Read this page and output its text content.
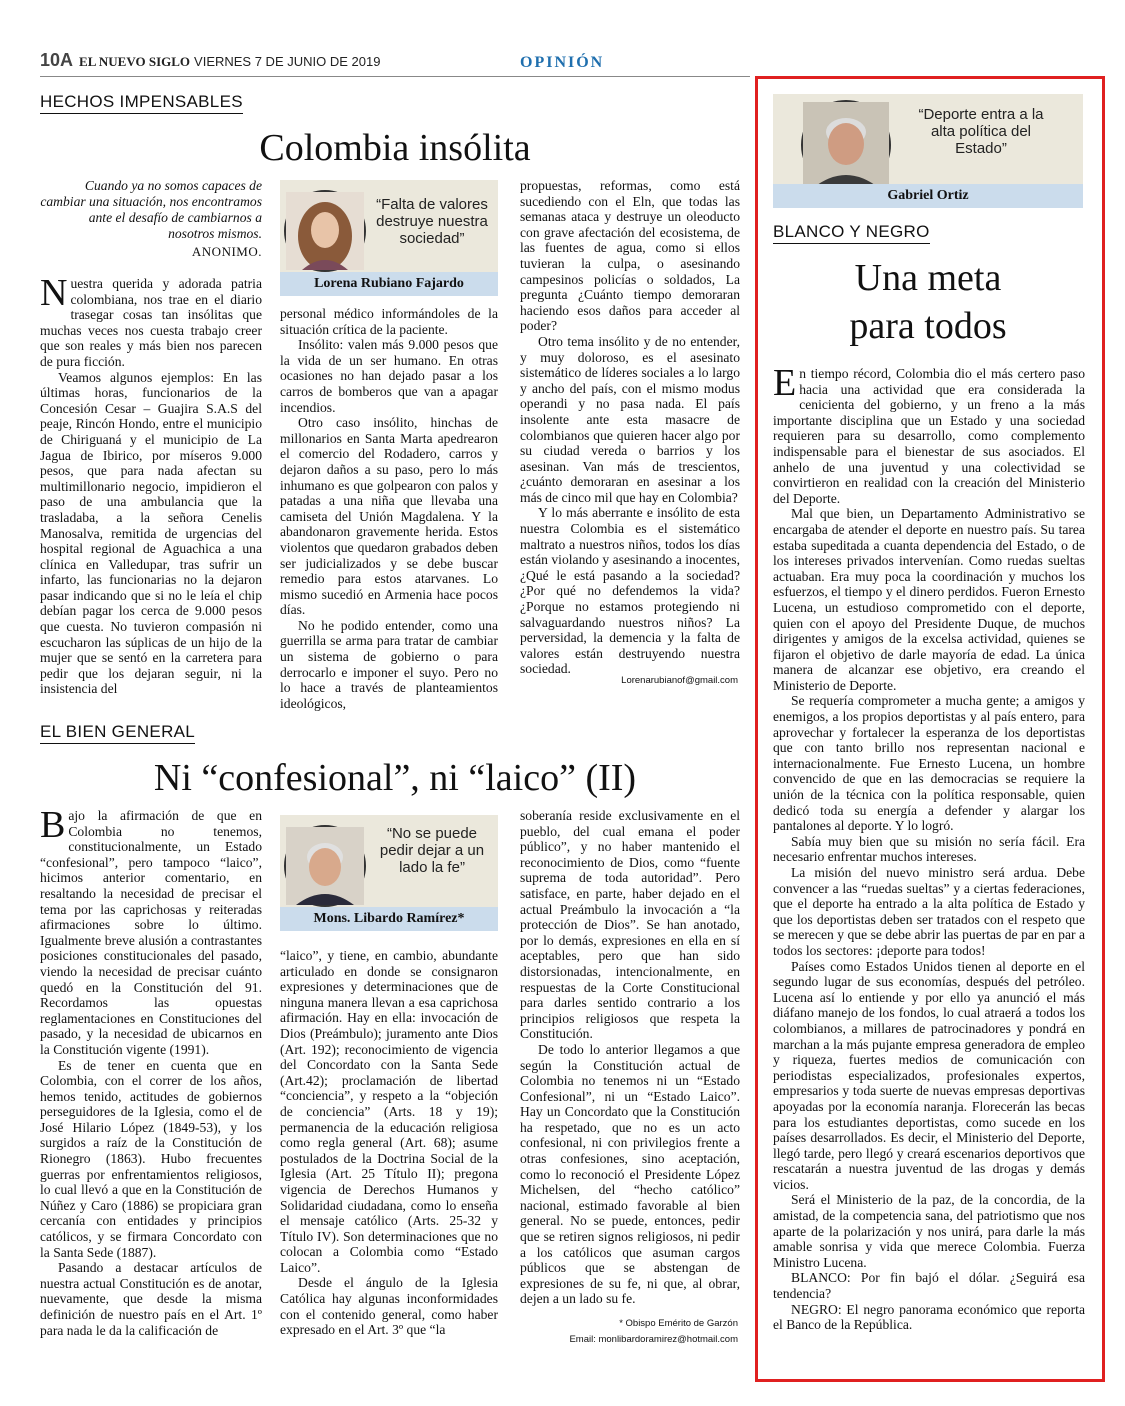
10A EL NUEVO SIGLO VIERNES 7 DE JUNIO DE 2019	OPINIÓN
HECHOS IMPENSABLES
Colombia insólita
Cuando ya no somos capaces de cambiar una situación, nos encontramos ante el desafío de cambiarnos a nosotros mismos.
ANONIMO.

Nuestra querida y adorada patria colombiana, nos trae en el diario trasegar cosas tan insólitas que muchas veces nos cuesta trabajo creer que son reales y más bien nos parecen de pura ficción.

Veamos algunos ejemplos: En las últimas horas, funcionarios de la Concesión Cesar – Guajira S.A.S del peaje, Rincón Hondo, entre el municipio de Chiriguaná y el municipio de La Jagua de Ibirico, por míseros 9.000 pesos, que para nada afectan su multimillonario negocio, impidieron el paso de una ambulancia que la trasladaba, a la señora Cenelis Manosalva, remitida de urgencias del hospital regional de Aguachica a una clínica en Valledupar, tras sufrir un infarto, las funcionarias no la dejaron pasar indicando que si no le leía el chip debían pagar los cerca de 9.000 pesos que cuesta. No tuvieron compasión ni escucharon las súplicas de un hijo de la mujer que se sentó en la carretera para pedir que los dejaran seguir, ni la insistencia del

“Falta de valores destruye nuestra sociedad”
Lorena Rubiano Fajardo

personal médico informándoles de la situación crítica de la paciente.

Insólito: valen más 9.000 pesos que la vida de un ser humano. En otras ocasiones no han dejado pasar a los carros de bomberos que van a apagar incendios.

Otro caso insólito, hinchas de millonarios en Santa Marta apedrearon el comercio del Rodadero, carros y dejaron daños a su paso, pero lo más inhumano es que golpearon con palos y patadas a una niña que llevaba una camiseta del Unión Magdalena. Y la abandonaron gravemente herida. Estos violentos que quedaron grabados deben ser judicializados y se debe buscar remedio para estos atarvanes. Lo mismo sucedió en Armenia hace pocos días.

No he podido entender, como una guerrilla se arma para tratar de cambiar un sistema de gobierno o para derrocarlo e imponer el suyo. Pero no lo hace a través de planteamientos ideológicos,

propuestas, reformas, como está sucediendo con el Eln, que todas las semanas ataca y destruye un oleoducto con grave afectación del ecosistema, de las fuentes de agua, como si ellos tuvieran la culpa, o asesinando campesinos policías o soldados, La pregunta ¿Cuánto tiempo demoraran haciendo esos daños para acceder al poder?

Otro tema insólito y de no entender, y muy doloroso, es el asesinato sistemático de líderes sociales a lo largo y ancho del país, con el mismo modus operandi y no pasa nada. El país insolente ante esta masacre de colombianos que quieren hacer algo por su ciudad vereda o barrios y los asesinan. Van más de trescientos, ¿cuánto demoraran en asesinar a los más de cinco mil que hay en Colombia?

Y lo más aberrante e insólito de esta nuestra Colombia es el sistemático maltrato a nuestros niños, todos los días están violando y asesinando a inocentes, ¿Qué le está pasando a la sociedad? ¿Por qué no defendemos la vida? ¿Porque no estamos protegiendo ni salvaguardando nuestros niños? La perversidad, la demencia y la falta de valores están destruyendo nuestra sociedad.

Lorenarubianof@gmail.com
EL BIEN GENERAL
Ni “confesional”, ni “laico” (II)

Bajo la afirmación de que en Colombia no tenemos, constitucionalmente, un Estado “confesional”, pero tampoco “laico”, hicimos anterior comentario, en resaltando la necesidad de precisar el tema por las caprichosas y reiteradas afirmaciones sobre lo último. Igualmente breve alusión a contrastantes posiciones constitucionales del pasado, viendo la necesidad de precisar cuánto quedó en la Constitución del 91. Recordamos las opuestas reglamentaciones en Constituciones del pasado, y la necesidad de ubicarnos en la Constitución vigente (1991).

Es de tener en cuenta que en Colombia, con el correr de los años, hemos tenido, actitudes de gobiernos perseguidores de la Iglesia, como el de José Hilario López (1849-53), y los surgidos a raíz de la Constitución de Rionegro (1863). Hubo frecuentes guerras por enfrentamientos religiosos, lo cual llevó a que en la Constitución de Núñez y Caro (1886) se propiciara gran cercanía con entidades y principios católicos, y se firmara Concordato con la Santa Sede (1887).

Pasando a destacar artículos de nuestra actual Constitución es de anotar, nuevamente, que desde la misma definición de nuestro país en el Art. 1º para nada le da la calificación de

“No se puede pedir dejar a un lado la fe”
Mons. Libardo Ramírez*

“laico”, y tiene, en cambio, abundante articulado en donde se consignaron expresiones y determinaciones que de ninguna manera llevan a esa caprichosa afirmación. Hay en ella: invocación de Dios (Preámbulo); juramento ante Dios (Art. 192); reconocimiento de vigencia del Concordato con la Santa Sede (Art.42); proclamación de libertad “conciencia”, y respeto a la “objeción de conciencia” (Arts. 18 y 19); permanencia de la educación religiosa como regla general (Art. 68); asume postulados de la Doctrina Social de la Iglesia (Art. 25 Título II); pregona vigencia de Derechos Humanos y Solidaridad ciudadana, como lo enseña el mensaje católico (Arts. 25-32 y Título IV). Son determinaciones que no colocan a Colombia como “Estado Laico”.

Desde el ángulo de la Iglesia Católica hay algunas inconformidades con el contenido general, como haber expresado en el Art. 3º que “la

soberanía reside exclusivamente en el pueblo, del cual emana el poder público”, y no haber mantenido el reconocimiento de Dios, como “fuente suprema de toda autoridad”. Pero satisface, en parte, haber dejado en el actual Preámbulo la invocación a “la protección de Dios”. Se han anotado, por lo demás, expresiones en ella en sí aceptables, pero que han sido distorsionadas, intencionalmente, en respuestas de la Corte Constitucional para darles sentido contrario a los principios religiosos que respeta la Constitución.

De todo lo anterior llegamos a que según la Constitución actual de Colombia no tenemos ni un “Estado Confesional”, ni un “Estado Laico”. Hay un Concordato que la Constitución ha respetado, que no es un acto confesional, ni con privilegios frente a otras confesiones, sino aceptación, como lo reconoció el Presidente López Michelsen, del “hecho católico” nacional, estimado favorable al bien general. No se puede, entonces, pedir que se retiren signos religiosos, ni pedir a los católicos que asuman cargos públicos que se abstengan de expresiones de su fe, ni que, al obrar, dejen a un lado su fe.

* Obispo Emérito de Garzón
Email: monlibardoramirez@hotmail.com
“Deporte entra a la alta política del Estado”
Gabriel Ortiz
BLANCO Y NEGRO
Una meta
para todos

En tiempo récord, Colombia dio el más certero paso hacia una actividad que era considerada la cenicienta del gobierno, y un freno a la más importante disciplina que un Estado y una sociedad requieren para su desarrollo, como complemento indispensable para el bienestar de sus asociados. El anhelo de una juventud y una colectividad se convirtieron en realidad con la creación del Ministerio del Deporte.

Mal que bien, un Departamento Administrativo se encargaba de atender el deporte en nuestro país. Su tarea estaba supeditada a cuanta dependencia del Estado, o de los intereses privados intervenían. Como ruedas sueltas actuaban. Era muy poca la coordinación y muchos los esfuerzos, el tiempo y el dinero perdidos. Fueron Ernesto Lucena, un estudioso comprometido con el deporte, quien con el apoyo del Presidente Duque, de muchos dirigentes y amigos de la excelsa actividad, quienes se fijaron el objetivo de darle mayoría de edad. La única manera de alcanzar ese objetivo, era creando el Ministerio de Deporte.

Se requería comprometer a mucha gente; a amigos y enemigos, a los propios deportistas y al país entero, para aprovechar y fortalecer la esperanza de los deportistas que con tanto brillo nos representan nacional e internacionalmente. Fue Ernesto Lucena, un hombre convencido de que en las democracias se requiere la unión de la técnica con la política responsable, quien dedicó toda su energía a defender y alargar los pantalones al deporte. Y lo logró.

Sabía muy bien que su misión no sería fácil. Era necesario enfrentar muchos intereses.

La misión del nuevo ministro será ardua. Debe convencer a las “ruedas sueltas” y a ciertas federaciones, que el deporte ha entrado a la alta política de Estado y que los deportistas deben ser tratados con el respeto que se merecen y que se debe abrir las puertas de par en par a todos los sectores: ¡deporte para todos!

Países como Estados Unidos tienen al deporte en el segundo lugar de sus economías, después del petróleo. Lucena así lo entiende y por ello ya anunció el más diáfano manejo de los fondos, lo cual atraerá a todos los colombianos, a millares de patrocinadores y pondrá en marchan a la más pujante empresa generadora de empleo y riqueza, fuertes medios de comunicación con periodistas especializados, profesionales expertos, empresarios y toda suerte de nuevas empresas deportivas apoyadas por la economía naranja. Florecerán las becas para los estudiantes deportistas, como sucede en los países desarrollados. Es decir, el Ministerio del Deporte, llegó tarde, pero llegó y creará escenarios deportivos que rescatarán a nuestra juventud de las drogas y demás vicios.

Será el Ministerio de la paz, de la concordia, de la amistad, de la competencia sana, del patriotismo que nos aparte de la polarización y nos unirá, para darle la más amable sonrisa y vida que merece Colombia. Fuerza Ministro Lucena.

BLANCO: Por fin bajó el dólar. ¿Seguirá esa tendencia?

NEGRO: El negro panorama económico que reporta el Banco de la República.
